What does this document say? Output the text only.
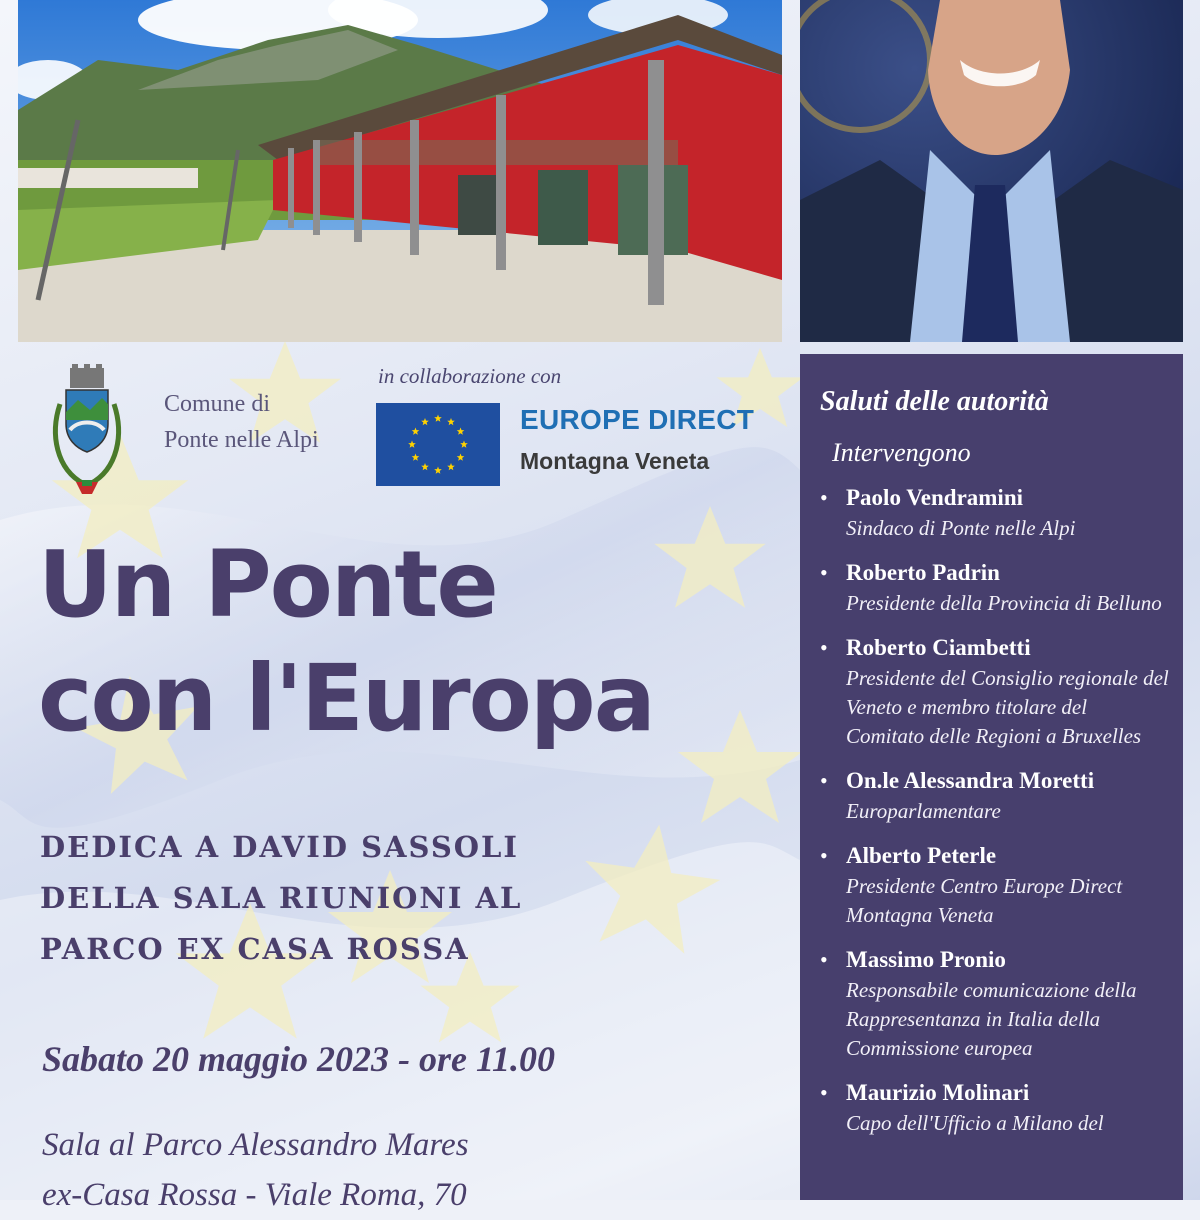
Comune di
Ponte nelle Alpi
in collaborazione con
EUROPE DIRECT
Montagna Veneta
Un Ponte
con l'Europa
DEDICA A DAVID SASSOLI
DELLA SALA RIUNIONI AL
PARCO EX CASA ROSSA
Sabato 20 maggio 2023 - ore 11.00
Sala al Parco Alessandro Mares
ex-Casa Rossa - Viale Roma, 70
Saluti delle autorità
Intervengono
• Paolo Vendramini
Sindaco di Ponte nelle Alpi
• Roberto Padrin
Presidente della Provincia di Belluno
• Roberto Ciambetti
Presidente del Consiglio regionale del Veneto e membro titolare del Comitato delle Regioni a Bruxelles
• On.le Alessandra Moretti
Europarlamentare
• Alberto Peterle
Presidente Centro Europe Direct Montagna Veneta
• Massimo Pronio
Responsabile comunicazione della Rappresentanza in Italia della Commissione europea
• Maurizio Molinari
Capo dell'Ufficio a Milano del
